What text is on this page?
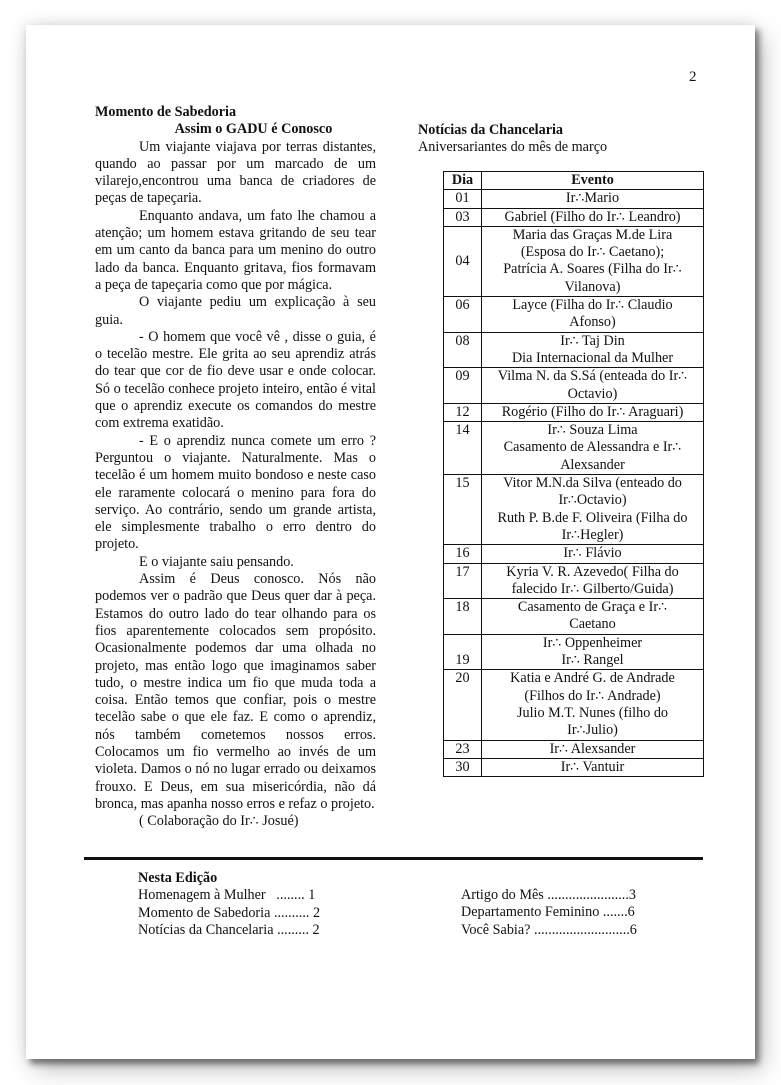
2
Momento de Sabedoria
Assim o GADU é Conosco

Um viajante viajava por terras distantes, quando ao passar por um marcado de um vilarejo,encontrou uma banca de criadores de peças de tapeçaria.

Enquanto andava, um fato lhe chamou a atenção; um homem estava gritando de seu tear em um canto da banca para um menino do outro lado da banca. Enquanto gritava, fios formavam a peça de tapeçaria como que por mágica.

O viajante pediu um explicação à seu guia.

- O homem que você vê , disse o guia, é o tecelão mestre. Ele grita ao seu aprendiz atrás do tear que cor de fio deve usar e onde colocar. Só o tecelão conhece projeto inteiro, então é vital que o aprendiz execute os comandos do mestre com extrema exatidão.

- E o aprendiz nunca comete um erro ? Perguntou o viajante. Naturalmente. Mas o tecelão é um homem muito bondoso e neste caso ele raramente colocará o menino para fora do serviço. Ao contrário, sendo um grande artista, ele simplesmente trabalho o erro dentro do projeto.

E o viajante saiu pensando.

Assim é Deus conosco. Nós não podemos ver o padrão que Deus quer dar à peça. Estamos do outro lado do tear olhando para os fios aparentemente colocados sem propósito. Ocasionalmente podemos dar uma olhada no projeto, mas então logo que imaginamos saber tudo, o mestre indica um fio que muda toda a coisa. Então temos que confiar, pois o mestre tecelão sabe o que ele faz. E como o aprendiz, nós também cometemos nossos erros. Colocamos um fio vermelho ao invés de um violeta. Damos o nó no lugar errado ou deixamos frouxo. E Deus, em sua misericórdia, não dá bronca, mas apanha nosso erros e refaz o projeto.

( Colaboração do Ir∴ Josué)

Notícias da Chancelaria
Aniversariantes do mês de março
Dia	Evento
01	Ir∴Mario

03	Gabriel (Filho do Ir∴ Leandro)

04	Maria das Graças M.de Lira
(Esposa do Ir∴ Caetano);
Patrícia A. Soares (Filha do Ir∴
Vilanova)

06	Layce (Filha do Ir∴ Claudio
Afonso)

08	Ir∴ Taj Din
Dia Internacional da Mulher

09	Vilma N. da S.Sá (enteada do Ir∴
Octavio)

12	Rogério (Filho do Ir∴ Araguari)

14	Ir∴ Souza Lima
Casamento de Alessandra e Ir∴
Alexsander

15	Vitor M.N.da Silva (enteado do
Ir∴Octavio)
Ruth P. B.de F. Oliveira (Filha do
Ir∴Hegler)

16	Ir∴ Flávio

17	Kyria V. R. Azevedo( Filha do
falecido Ir∴ Gilberto/Guida)

18	Casamento de Graça e Ir∴
Caetano

19	Ir∴ Oppenheimer
Ir∴ Rangel

20	Katia e André G. de Andrade
(Filhos do Ir∴ Andrade)
Julio M.T. Nunes (filho do
Ir∴Julio)

23	Ir∴ Alexsander

30	Ir∴ Vantuir
Nesta Edição
Homenagem à Mulher   ........ 1
Momento de Sabedoria .......... 2
Notícias da Chancelaria ......... 2
Artigo do Mês .......................3
Departamento Feminino .......6
Você Sabia? ...........................6
